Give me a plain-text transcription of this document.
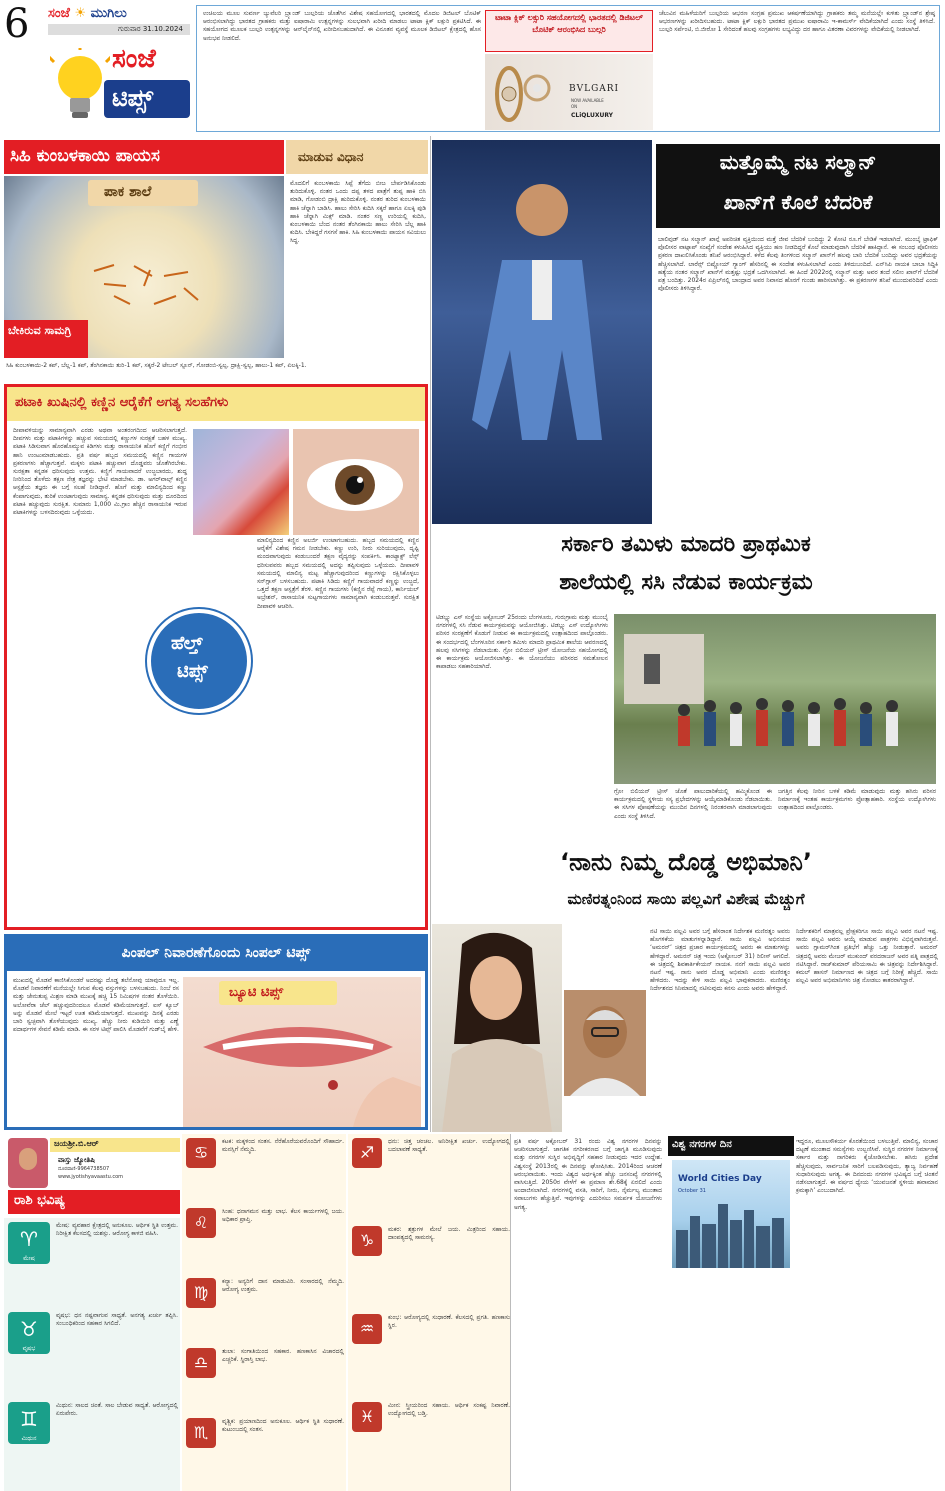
6 ಸಂಜೆ ☀ ಮುಗಿಲು
ಗುರುವಾರ 31.10.2024
ಸಂಜೆ
ಟಿಪ್ಸ್
ಉಚಿಲಯ ಮೂಲ ಸುವರ್ಣ ಜ್ಯುವೆಲರಿ ಬ್ರ್ಯಾಂಡ್ ಬುಲ್ಗರಿಯ ಜೊತೆಗಿನ ವಿಶೇಷ ಸಹಯೋಗದಲ್ಲಿ ಭಾರತದಲ್ಲಿ ಮೊದಲ ಡಿಜಿಟಲ್ ಬೊಟಿಕ್ ಆರಂಭಿಸಲಾಗಿದ್ದು ಭಾರತದ ಗ್ರಾಹಕರು ಮತ್ತು ಐಷಾರಾಮಿ ಉತ್ಪನ್ನಗಳನ್ನು ಸುಲಭವಾಗಿ ಖರೀದಿ ಮಾಡಲು ಟಾಟಾ ಕ್ಲಿಕ್ ಲಕ್ಸುರಿ ಪ್ರಕಟಿಸಿದೆ. ಈ ಸಹಯೋಗದ ಮೂಲಕ ಬುಲ್ಗರಿ ಉತ್ಪನ್ನಗಳನ್ನು ಆನ್‌ಲೈನ್‌ನಲ್ಲಿ ಖರೀದಿಸಬಹುದಾಗಿದೆ. ಈ ವಿನೂತನ ವ್ಯವಸ್ಥೆ ಮೂಲಕ ಡಿಜಿಟಲ್ ಕ್ಷೇತ್ರದಲ್ಲಿ ಹೊಸ ಅನುಭವ ನೀಡಲಿದೆ.
ಟಾಟಾ ಕ್ಲಿಕ್ ಲಕ್ಸುರಿ ಸಹಯೋಗದಲ್ಲಿ ಭಾರತದಲ್ಲಿ ಡಿಜಿಟಲ್ ಬೊಟಿಕ್ ಆರಂಭಿಸಿದ ಬುಲ್ಗರಿ
BVLGARI
NOW AVAILABLE
ON
CLiQLUXURY
ಚೆಲುವಿನ ಮಹಿಳೆಯರಿಗೆ ಬುಲ್ಗರಿಯ ಆಭರಣ ಸಂಗ್ರಹ ಪ್ರಮುಖ ಆಕರ್ಷಣೆಯಾಗಿದ್ದು ಗ್ರಾಹಕರು ತಮ್ಮ ಮನೆಯಲ್ಲೇ ಕುಳಿತು ಬ್ರ್ಯಾಂಡ್‌ನ ಶ್ರೇಷ್ಠ ಆಭರಣಗಳನ್ನು ಖರೀದಿಸಬಹುದು. ಟಾಟಾ ಕ್ಲಿಕ್ ಲಕ್ಸುರಿ ಭಾರತದ ಪ್ರಮುಖ ಐಷಾರಾಮಿ ಇ-ಕಾಮರ್ಸ್ ವೇದಿಕೆಯಾಗಿದೆ ಎಂದು ಸಂಸ್ಥೆ ತಿಳಿಸಿದೆ. ಬುಲ್ಗರಿ ಸರ್ಪೆಂಟಿ, ಬಿ.ಜೀರೋ 1 ಸೇರಿದಂತೆ ಹಲವು ಸಂಗ್ರಹಗಳು ಲಭ್ಯವಿದ್ದು ದರ ಹಾಗೂ ವಿತರಣಾ ವಿವರಗಳನ್ನು ವೇದಿಕೆಯಲ್ಲಿ ನೀಡಲಾಗಿದೆ.
ಸಿಹಿ ಕುಂಬಳಕಾಯಿ ಪಾಯಸ	ಮಾಡುವ ವಿಧಾನ
ಪಾಕ ಶಾಲೆ
ಬೇಕಿರುವ ಸಾಮಗ್ರಿ
ಮೊದಲಿಗೆ ಕುಂಬಳಕಾಯಿ ಸಿಪ್ಪೆ ತೆಗೆದು ಬೀಜ ಬೇರ್ಪಡಿಸಿಕೊಂಡು ತುರಿದುಕೊಳ್ಳಿ. ನಂತರ ಒಂದು ದಪ್ಪ ತಳದ ಪಾತ್ರೆಗೆ ತುಪ್ಪ ಹಾಕಿ ಬಿಸಿ ಮಾಡಿ, ಗೋಡಂಬಿ ದ್ರಾಕ್ಷಿ ಹುರಿದುಕೊಳ್ಳಿ. ನಂತರ ತುರಿದ ಕುಂಬಳಕಾಯಿ ಹಾಕಿ ಚೆನ್ನಾಗಿ ಬಾಡಿಸಿ. ಹಾಲು ಸೇರಿಸಿ ಕುದಿಸಿ ಸಕ್ಕರೆ ಹಾಗೂ ಏಲಕ್ಕಿ ಪುಡಿ ಹಾಕಿ ಚೆನ್ನಾಗಿ ಮಿಕ್ಸ್ ಮಾಡಿ. ನಂತರ ಸಣ್ಣ ಉರಿಯಲ್ಲಿ ಕುದಿಸಿ, ಕುಂಬಳಕಾಯಿ ಬೆಂದ ನಂತರ ತೆಂಗಿನಕಾಯಿ ಹಾಲು ಸೇರಿಸಿ ಬೆಲ್ಲ ಹಾಕಿ ಕುದಿಸಿ. ಬೇಕಿದ್ದರೆ ಗಸಗಸೆ ಹಾಕಿ. ಸಿಹಿ ಕುಂಬಳಕಾಯಿ ಪಾಯಸ ಸವಿಯಲು ಸಿದ್ಧ.
ಸಿಹಿ ಕುಂಬಳಕಾಯಿ-2 ಕಪ್, ಬೆಲ್ಲ-1 ಕಪ್, ತೆಂಗಿನಕಾಯಿ ತುರಿ-1 ಕಪ್, ಸಕ್ಕರೆ-2 ಟೇಬಲ್ ಸ್ಪೂನ್, ಗೋಡಂಬಿ-ಸ್ವಲ್ಪ, ದ್ರಾಕ್ಷಿ-ಸ್ವಲ್ಪ, ಹಾಲು-1 ಕಪ್, ಏಲಕ್ಕಿ-1.
ಪಟಾಕಿ ಖುಷಿನಲ್ಲಿ ಕಣ್ಣಿನ ಆರೈಕೆಗೆ ಅಗತ್ಯ ಸಲಹೆಗಳು
ದೀಪಾವಳಿಯನ್ನು ಸಾಮಾನ್ಯವಾಗಿ ಎರಡು ಅಥವಾ ಅಂತರಂಗದಿಂದ ಆಚರಿಸಲಾಗುತ್ತದೆ. ದೀಪಗಳು ಮತ್ತು ಪಟಾಕಿಗಳನ್ನು ಹಚ್ಚುವ ಸಮಯದಲ್ಲಿ ಕಣ್ಣುಗಳ ಸುರಕ್ಷತೆ ಬಹಳ ಮುಖ್ಯ. ಪಟಾಕಿ ಸಿಡಿಸುವಾಗ ಹೊರಹೊಮ್ಮುವ ಕಿಡಿಗಳು ಮತ್ತು ರಾಸಾಯನಿಕ ಹೊಗೆ ಕಣ್ಣಿಗೆ ಗಂಭೀರ ಹಾನಿ ಉಂಟುಮಾಡಬಹುದು. ಪ್ರತಿ ವರ್ಷ ಹಬ್ಬದ ಸಮಯದಲ್ಲಿ ಕಣ್ಣಿನ ಗಾಯಗಳ ಪ್ರಕರಣಗಳು ಹೆಚ್ಚಾಗುತ್ತವೆ. ಮಕ್ಕಳು ಪಟಾಕಿ ಹಚ್ಚುವಾಗ ದೊಡ್ಡವರು ಜೊತೆಗಿರಬೇಕು. ಸುರಕ್ಷತಾ ಕನ್ನಡಕ ಧರಿಸುವುದು ಉತ್ತಮ. ಕಣ್ಣಿಗೆ ಗಾಯವಾದರೆ ಉಜ್ಜಬಾರದು, ಶುದ್ಧ ನೀರಿನಿಂದ ತೊಳೆದು ತಕ್ಷಣ ನೇತ್ರ ತಜ್ಞರನ್ನು ಭೇಟಿ ಮಾಡಬೇಕು. ಡಾ. ಅಗರ್‌ವಾಲ್ಸ್ ಕಣ್ಣಿನ ಆಸ್ಪತ್ರೆಯ ತಜ್ಞರು ಈ ಬಗ್ಗೆ ಸಲಹೆ ನೀಡಿದ್ದಾರೆ. ಹೊಗೆ ಮತ್ತು ಮಾಲಿನ್ಯದಿಂದ ಕಣ್ಣು ಕೆಂಪಾಗುವುದು, ತುರಿಕೆ ಉಂಟಾಗುವುದು ಸಾಮಾನ್ಯ. ಕನ್ನಡಕ ಧರಿಸುವುದು ಮತ್ತು ದೂರದಿಂದ ಪಟಾಕಿ ಹಚ್ಚುವುದು ಸುರಕ್ಷಿತ. ಸುಮಾರು 1,000 ಮಿ.ಗ್ರಾಂ ಹೆಚ್ಚಿನ ರಾಸಾಯನಿಕ ಇರುವ ಪಟಾಕಿಗಳನ್ನು ಬಳಸದಿರುವುದು ಒಳ್ಳೆಯದು.
ಹೆಲ್ತ್
ಟಿಪ್ಸ್
ಮಾಲಿನ್ಯದಿಂದ ಕಣ್ಣಿನ ಅಲರ್ಜಿ ಉಂಟಾಗಬಹುದು. ಹಬ್ಬದ ಸಮಯದಲ್ಲಿ ಕಣ್ಣಿನ ಆರೈಕೆಗೆ ವಿಶೇಷ ಗಮನ ನೀಡಬೇಕು. ಕಣ್ಣು ಉರಿ, ನೀರು ಸುರಿಯುವುದು, ದೃಷ್ಟಿ ಮಂದವಾಗುವುದು ಕಂಡುಬಂದರೆ ತಕ್ಷಣ ವೈದ್ಯರನ್ನು ಸಂಪರ್ಕಿಸಿ. ಕಾಂಟ್ಯಾಕ್ಟ್ ಲೆನ್ಸ್ ಧರಿಸುವವರು ಹಬ್ಬದ ಸಮಯದಲ್ಲಿ ಅದನ್ನು ತಪ್ಪಿಸುವುದು ಒಳ್ಳೆಯದು. ದೀಪಾವಳಿ ಸಮಯದಲ್ಲಿ ಮಾಲಿನ್ಯ ಮಟ್ಟ ಹೆಚ್ಚಾಗುವುದರಿಂದ ಕಣ್ಣುಗಳನ್ನು ರಕ್ಷಿಸಿಕೊಳ್ಳಲು ಸನ್‌ಗ್ಲಾಸ್ ಬಳಸಬಹುದು. ಪಟಾಕಿ ಸಿಡಿದು ಕಣ್ಣಿಗೆ ಗಾಯವಾದರೆ ಕಣ್ಣನ್ನು ಉಜ್ಜದೆ, ಒತ್ತದೆ ತಕ್ಷಣ ಆಸ್ಪತ್ರೆಗೆ ತೆರಳಿ. ಕಣ್ಣಿನ ಗಾಯಗಳು (ಕಣ್ಣಿನ ರೆಪ್ಪೆ ಗಾಯ), ಕಾರ್ನಿಯಲ್ ಅಬ್ರೇಶನ್, ರಾಸಾಯನಿಕ ಸುಟ್ಟಗಾಯಗಳು ಸಾಮಾನ್ಯವಾಗಿ ಕಂಡುಬರುತ್ತವೆ. ಸುರಕ್ಷಿತ ದೀಪಾವಳಿ ಆಚರಿಸಿ.
ಮತ್ತೊಮ್ಮೆ ನಟ ಸಲ್ಮಾನ್
ಖಾನ್‌ಗೆ ಕೊಲೆ ಬೆದರಿಕೆ
ಬಾಲಿವುಡ್ ನಟ ಸಲ್ಮಾನ್ ಖಾನ್ಗೆ ಅಪರಿಚಿತ ವ್ಯಕ್ತಿಯಿಂದ ಮತ್ತೆ ಜೀವ ಬೆದರಿಕೆ ಬಂದಿದ್ದು 2 ಕೋಟಿ ರೂ.ಗೆ ಬೇಡಿಕೆ ಇಡಲಾಗಿದೆ. ಮುಂಬೈ ಟ್ರಾಫಿಕ್ ಪೊಲೀಸರ ವಾಟ್ಸಾಪ್ ಸಂಖ್ಯೆಗೆ ಸಂದೇಶ ಕಳುಹಿಸಿದ ವ್ಯಕ್ತಿಯು ಹಣ ನೀಡದಿದ್ದರೆ ಕೊಲೆ ಮಾಡುವುದಾಗಿ ಬೆದರಿಕೆ ಹಾಕಿದ್ದಾನೆ. ಈ ಸಂಬಂಧ ಪೊಲೀಸರು ಪ್ರಕರಣ ದಾಖಲಿಸಿಕೊಂಡು ತನಿಖೆ ಆರಂಭಿಸಿದ್ದಾರೆ. ಕಳೆದ ಕೆಲವು ತಿಂಗಳಿಂದ ಸಲ್ಮಾನ್ ಖಾನ್‌ಗೆ ಹಲವು ಬಾರಿ ಬೆದರಿಕೆ ಬಂದಿದ್ದು ಅವರ ಭದ್ರತೆಯನ್ನು ಹೆಚ್ಚಿಸಲಾಗಿದೆ. ಲಾರೆನ್ಸ್ ಬಿಷ್ಣೋಯ್ ಗ್ಯಾಂಗ್ ಹೆಸರಿನಲ್ಲಿ ಈ ಸಂದೇಶ ಕಳುಹಿಸಲಾಗಿದೆ ಎಂದು ತಿಳಿದುಬಂದಿದೆ. ಎನ್‌ಸಿಪಿ ನಾಯಕ ಬಾಬಾ ಸಿದ್ದಿಕಿ ಹತ್ಯೆಯ ನಂತರ ಸಲ್ಮಾನ್ ಖಾನ್‌ಗೆ ಮತ್ತಷ್ಟು ಭದ್ರತೆ ಒದಗಿಸಲಾಗಿದೆ. ಈ ಹಿಂದೆ 2022ರಲ್ಲಿ ಸಲ್ಮಾನ್ ಮತ್ತು ಅವರ ತಂದೆ ಸಲೀಂ ಖಾನ್‌ಗೆ ಬೆದರಿಕೆ ಪತ್ರ ಬಂದಿತ್ತು. 2024ರ ಏಪ್ರಿಲ್‌ನಲ್ಲಿ ಬಾಂದ್ರಾದ ಅವರ ನಿವಾಸದ ಹೊರಗೆ ಗುಂಡು ಹಾರಿಸಲಾಗಿತ್ತು. ಈ ಪ್ರಕರಣಗಳ ತನಿಖೆ ಮುಂದುವರಿದಿದೆ ಎಂದು ಪೊಲೀಸರು ತಿಳಿಸಿದ್ದಾರೆ.
ಸರ್ಕಾರಿ ತಮಿಳು ಮಾದರಿ ಪ್ರಾಥಮಿಕ
ಶಾಲೆಯಲ್ಲಿ ಸಸಿ ನೆಡುವ ಕಾರ್ಯಕ್ರಮ
ಟಿಡಬ್ಲ್ಯು ಎಸ್ ಸಂಸ್ಥೆಯ ಅಕ್ಟೋಬರ್ 25ರಂದು ಬೆಂಗಳೂರು, ಗುರುಗ್ರಾಮ ಮತ್ತು ಮುಂಬೈ ನಗರಗಳಲ್ಲಿ ಸಸಿ ನೆಡುವ ಕಾರ್ಯಕ್ರಮವನ್ನು ಆಯೋಜಿಸಿತ್ತು. ಟಿಡಬ್ಲ್ಯು ಎಸ್ ಉದ್ಯೋಗಿಗಳು ಪರಿಸರ ಸಂರಕ್ಷಣೆಗೆ ಕೊಡುಗೆ ನೀಡುವ ಈ ಕಾರ್ಯಕ್ರಮದಲ್ಲಿ ಉತ್ಸಾಹದಿಂದ ಪಾಲ್ಗೊಂಡರು. ಈ ಸಂದರ್ಭದಲ್ಲಿ ಬೆಂಗಳೂರಿನ ಸರ್ಕಾರಿ ತಮಿಳು ಮಾದರಿ ಪ್ರಾಥಮಿಕ ಶಾಲೆಯ ಆವರಣದಲ್ಲಿ ಹಲವು ಸಸಿಗಳನ್ನು ನೆಡಲಾಯಿತು. ಗ್ರೋ ಬಿಲಿಯನ್ ಟ್ರೀಸ್ ಯೋಜನೆಯ ಸಹಯೋಗದಲ್ಲಿ ಈ ಕಾರ್ಯಕ್ರಮ ಆಯೋಜಿಸಲಾಗಿತ್ತು. ಈ ಯೋಜನೆಯು ಪರಿಸರದ ಸಮತೋಲನ ಕಾಪಾಡಲು ಸಹಕಾರಿಯಾಗಿದೆ.
ಗ್ರೋ ಬಿಲಿಯನ್ ಟ್ರೀಸ್ ಜೊತೆ ಪಾಲುದಾರಿಕೆಯಲ್ಲಿ ಹಮ್ಮಿಕೊಂಡ ಈ ಕಾರ್ಯಕ್ರಮದಲ್ಲಿ ಸ್ಥಳೀಯ ಸಸ್ಯ ಪ್ರಭೇದಗಳನ್ನು ಆಯ್ಕೆಮಾಡಿಕೊಂಡು ನೆಡಲಾಯಿತು. ಈ ಸಸಿಗಳ ಪೋಷಣೆಯನ್ನು ಮುಂದಿನ ದಿನಗಳಲ್ಲಿ ನಿರಂತರವಾಗಿ ಮಾಡಲಾಗುವುದು ಎಂದು ಸಂಸ್ಥೆ ತಿಳಿಸಿದೆ.
ಜಗತ್ತಿನ ಕೆಲವು ನೀರಿನ ಬಳಕೆ ಕಡಿಮೆ ಮಾಡುವುದು ಮತ್ತು ಹಸಿರು ಪರಿಸರ ನಿರ್ಮಾಣಕ್ಕೆ ಇಂತಹ ಕಾರ್ಯಕ್ರಮಗಳು ಪ್ರೋತ್ಸಾಹಕಾರಿ. ಸಂಸ್ಥೆಯ ಉದ್ಯೋಗಿಗಳು ಉತ್ಸಾಹದಿಂದ ಪಾಲ್ಗೊಂಡರು.
‘ನಾನು ನಿಮ್ಮ ದೊಡ್ಡ ಅಭಿಮಾನಿ’
ಮಣಿರತ್ನಂನಿಂದ ಸಾಯಿ ಪಲ್ಲವಿಗೆ ವಿಶೇಷ ಮೆಚ್ಚುಗೆ
ನಟಿ ಸಾಯಿ ಪಲ್ಲವಿ ಅವರ ಬಗ್ಗೆ ಹೆಸರಾಂತ ನಿರ್ದೇಶಕ ಮಣಿರತ್ನಂ ಅವರು ಹೊಗಳಿಕೆಯ ಮಾತುಗಳನ್ನಾಡಿದ್ದಾರೆ. ಸಾಯಿ ಪಲ್ಲವಿ ಅಭಿನಯದ ‘ಅಮರನ್’ ಚಿತ್ರದ ಪ್ರಚಾರ ಕಾರ್ಯಕ್ರಮದಲ್ಲಿ ಅವರು ಈ ಮಾತುಗಳನ್ನು ಹೇಳಿದ್ದಾರೆ. ಅಮರನ್ ಚಿತ್ರ ಇಂದು (ಅಕ್ಟೋಬರ್ 31) ರಿಲೀಸ್ ಆಗಲಿದೆ. ಈ ಚಿತ್ರದಲ್ಲಿ ಶಿವಕಾರ್ತಿಕೇಯನ್ ನಾಯಕ. ನನಗೆ ಸಾಯಿ ಪಲ್ಲವಿ ಅವರ ನಟನೆ ಇಷ್ಟ. ನಾನು ಅವರ ದೊಡ್ಡ ಅಭಿಮಾನಿ ಎಂದು ಮಣಿರತ್ನಂ ಹೇಳಿದರು. ಇದನ್ನು ಕೇಳಿ ಸಾಯಿ ಪಲ್ಲವಿ ಭಾವುಕರಾದರು. ಮಣಿರತ್ನಂ ನಿರ್ದೇಶನದ ಸಿನಿಮಾದಲ್ಲಿ ನಟಿಸುವುದು ಕನಸು ಎಂದು ಅವರು ಹೇಳಿದ್ದಾರೆ.
ನಿರ್ದೇಶಕರಿಗೆ ಮಾತ್ರವಲ್ಲ ಪ್ರೇಕ್ಷಕರಿಗೂ ಸಾಯಿ ಪಲ್ಲವಿ ಅವರ ನಟನೆ ಇಷ್ಟ. ಸಾಯಿ ಪಲ್ಲವಿ ಅವರು ಆಯ್ಕೆ ಮಾಡುವ ಪಾತ್ರಗಳು ವಿಭಿನ್ನವಾಗಿರುತ್ತವೆ. ಅವರು ಗ್ಲಾಮರ್‌ಗಿಂತ ಪ್ರತಿಭೆಗೆ ಹೆಚ್ಚು ಒತ್ತು ನೀಡುತ್ತಾರೆ. ಅಮರನ್ ಚಿತ್ರದಲ್ಲಿ ಅವರು ಮೇಜರ್ ಮುಕುಂದ್ ವರದರಾಜನ್ ಅವರ ಪತ್ನಿ ಪಾತ್ರದಲ್ಲಿ ನಟಿಸಿದ್ದಾರೆ. ರಾಜ್‌ಕುಮಾರ್ ಪೆರಿಯಸಾಮಿ ಈ ಚಿತ್ರವನ್ನು ನಿರ್ದೇಶಿಸಿದ್ದಾರೆ. ಕಮಲ್ ಹಾಸನ್ ನಿರ್ಮಾಣದ ಈ ಚಿತ್ರದ ಬಗ್ಗೆ ನಿರೀಕ್ಷೆ ಹೆಚ್ಚಿದೆ. ಸಾಯಿ ಪಲ್ಲವಿ ಅವರ ಅಭಿಮಾನಿಗಳು ಚಿತ್ರ ನೋಡಲು ಕಾತರರಾಗಿದ್ದಾರೆ.
ಪಿಂಪಲ್ ನಿವಾರಣೆಗೊಂದು ಸಿಂಪಲ್ ಟಿಪ್ಸ್
ಮುಖದಲ್ಲಿ ಮೊಡವೆ ಕಾಣಿಸಿಕೊಂಡರೆ ಅದರಷ್ಟು ದೊಡ್ಡ ತಲೆನೋವು ಯಾವುದೂ ಇಲ್ಲ. ಮೊಡವೆ ನಿವಾರಣೆಗೆ ಮನೆಯಲ್ಲೇ ಸಿಗುವ ಕೆಲವು ವಸ್ತುಗಳನ್ನು ಬಳಸಬಹುದು. ನಿಂಬೆ ರಸ ಮತ್ತು ಜೇನುತುಪ್ಪ ಮಿಶ್ರಣ ಮಾಡಿ ಮುಖಕ್ಕೆ ಹಚ್ಚಿ 15 ನಿಮಿಷಗಳ ನಂತರ ತೊಳೆಯಿರಿ. ಅಲೋವೆರಾ ಜೆಲ್ ಹಚ್ಚುವುದರಿಂದಲೂ ಮೊಡವೆ ಕಡಿಮೆಯಾಗುತ್ತದೆ. ಐಸ್ ಕ್ಯೂಬ್ ಅನ್ನು ಮೊಡವೆ ಮೇಲೆ ಇಟ್ಟರೆ ಊತ ಕಡಿಮೆಯಾಗುತ್ತದೆ. ಮುಖವನ್ನು ದಿನಕ್ಕೆ ಎರಡು ಬಾರಿ ಸ್ವಚ್ಛವಾಗಿ ತೊಳೆಯುವುದು ಮುಖ್ಯ. ಹೆಚ್ಚು ನೀರು ಕುಡಿಯಿರಿ ಮತ್ತು ಎಣ್ಣೆ ಪದಾರ್ಥಗಳ ಸೇವನೆ ಕಡಿಮೆ ಮಾಡಿ. ಈ ಸರಳ ಟಿಪ್ಸ್ ಪಾಲಿಸಿ ಮೊಡವೆಗೆ ಗುಡ್‌ಬೈ ಹೇಳಿ.
ಬ್ಯೂಟಿ ಟಿಪ್ಸ್
ಜಯಶ್ರೀ.ಬಿ.ಆರ್
ವಾಸ್ತು ಜ್ಯೋತಿಷಿ
ದೂರವಾಣಿ-9964738507
www.jyotishyavaastu.com
ರಾಶಿ ಭವಿಷ್ಯ
♈
ಮೇಷ
ಮೇಷ: ವ್ಯವಹಾರ ಕ್ಷೇತ್ರದಲ್ಲಿ ಅನುಕೂಲ. ಆರ್ಥಿಕ ಸ್ಥಿತಿ ಉತ್ತಮ. ನಿರೀಕ್ಷಿತ ಕೆಲಸದಲ್ಲಿ ಯಶಸ್ಸು. ಆರೋಗ್ಯ ಕಾಳಜಿ ವಹಿಸಿ.
♉
ವೃಷಭ
ವೃಷಭ: ಧನ ನಷ್ಟವಾಗುವ ಸಾಧ್ಯತೆ. ಅನಗತ್ಯ ಖರ್ಚು ತಪ್ಪಿಸಿ. ಸಂಬಂಧಿಕರಿಂದ ಸಹಕಾರ ಸಿಗಲಿದೆ.
♊
ಮಿಥುನ
ಮಿಥುನ: ಸಾಲದ ಚಿಂತೆ. ಸಾಲ ಬೇಡುವ ಸಾಧ್ಯತೆ. ಆರೋಗ್ಯದಲ್ಲಿ ಏರುಪೇರು.
♋
ಕಟಕ: ಮಕ್ಕಳಿಂದ ಸಂತಸ. ನೆರೆಹೊರೆಯವರೊಂದಿಗೆ ಸೌಹಾರ್ದ. ಮನಸ್ಸಿಗೆ ನೆಮ್ಮದಿ.
♌
ಸಿಂಹ: ಧನಾಗಮನ ಮತ್ತು ಲಾಭ. ಕೆಲಸ ಕಾರ್ಯಗಳಲ್ಲಿ ಜಯ. ಅಧಿಕಾರ ಪ್ರಾಪ್ತಿ.
♍
ಕನ್ಯಾ: ಅನ್ಯರಿಗೆ ದಾನ ಮಾಡುವಿರಿ. ಸಂಸಾರದಲ್ಲಿ ನೆಮ್ಮದಿ. ಆರೋಗ್ಯ ಉತ್ತಮ.
♎
ತುಲಾ: ಸಂಗಾತಿಯಿಂದ ಸಹಕಾರ. ಹಣಕಾಸಿನ ವಿಚಾರದಲ್ಲಿ ಎಚ್ಚರಿಕೆ. ಸ್ಥಿರಾಸ್ತಿ ಲಾಭ.
♏
ವೃಶ್ಚಿಕ: ಪ್ರಯಾಣದಿಂದ ಅನುಕೂಲ. ಆರ್ಥಿಕ ಸ್ಥಿತಿ ಸುಧಾರಣೆ. ಕುಟುಂಬದಲ್ಲಿ ಸಂತಸ.
♐
ಧನು: ಚಿತ್ತ ಚಂಚಲ. ಅನಿರೀಕ್ಷಿತ ಖರ್ಚು. ಉದ್ಯೋಗದಲ್ಲಿ ಬದಲಾವಣೆ ಸಾಧ್ಯತೆ.
♑
ಮಕರ: ಶತ್ರುಗಳ ಮೇಲೆ ಜಯ. ಮಿತ್ರರಿಂದ ಸಹಾಯ. ದಾಂಪತ್ಯದಲ್ಲಿ ಸಾಮರಸ್ಯ.
♒
ಕುಂಭ: ಆರೋಗ್ಯದಲ್ಲಿ ಸುಧಾರಣೆ. ಕೆಲಸದಲ್ಲಿ ಪ್ರಗತಿ. ಹಣಕಾಸು ಸ್ಥಿರ.
♓
ಮೀನ: ಸ್ತ್ರೀಯರಿಂದ ಸಹಾಯ. ಆರ್ಥಿಕ ಸಂಕಷ್ಟ ನಿವಾರಣೆ. ಉದ್ಯೋಗದಲ್ಲಿ ಬಡ್ತಿ.
ಪ್ರತಿ ವರ್ಷ ಅಕ್ಟೋಬರ್ 31 ರಂದು ವಿಶ್ವ ನಗರಗಳ ದಿನವನ್ನು ಆಚರಿಸಲಾಗುತ್ತದೆ. ಜಾಗತಿಕ ನಗರೀಕರಣದ ಬಗ್ಗೆ ಜಾಗೃತಿ ಮೂಡಿಸುವುದು ಮತ್ತು ನಗರಗಳ ಸುಸ್ಥಿರ ಅಭಿವೃದ್ಧಿಗೆ ಸಹಕಾರ ನೀಡುವುದು ಇದರ ಉದ್ದೇಶ. ವಿಶ್ವಸಂಸ್ಥೆ 2013ರಲ್ಲಿ ಈ ದಿನವನ್ನು ಘೋಷಿಸಿತು. 2014ರಿಂದ ಆಚರಣೆ ಆರಂಭವಾಯಿತು. ಇಂದು ವಿಶ್ವದ ಅರ್ಧಕ್ಕಿಂತ ಹೆಚ್ಚು ಜನಸಂಖ್ಯೆ ನಗರಗಳಲ್ಲಿ ವಾಸಿಸುತ್ತಿದೆ. 2050ರ ವೇಳೆಗೆ ಈ ಪ್ರಮಾಣ ಶೇ.68ಕ್ಕೆ ಏರಲಿದೆ ಎಂದು ಅಂದಾಜಿಸಲಾಗಿದೆ. ನಗರಗಳಲ್ಲಿ ವಸತಿ, ಸಾರಿಗೆ, ನೀರು, ನೈರ್ಮಲ್ಯ ಮುಂತಾದ ಸವಾಲುಗಳು ಹೆಚ್ಚುತ್ತಿವೆ. ಇವುಗಳನ್ನು ಎದುರಿಸಲು ಸಮರ್ಪಕ ಯೋಜನೆಗಳು ಅಗತ್ಯ.
ವಿಶ್ವ ನಗರಗಳ ದಿನ
World Cities Day
October 31
ಇದ್ದರೂ, ಮೂಲಸೌಕರ್ಯ ಕೊರತೆಯಿಂದ ಬಳಲುತ್ತಿವೆ. ಮಾಲಿನ್ಯ, ಸಂಚಾರ ದಟ್ಟಣೆ ಮುಂತಾದ ಸಮಸ್ಯೆಗಳು ಉಲ್ಬಣಿಸಿವೆ. ಸುಸ್ಥಿರ ನಗರಗಳ ನಿರ್ಮಾಣಕ್ಕೆ ಸರ್ಕಾರ ಮತ್ತು ನಾಗರಿಕರು ಕೈಜೋಡಿಸಬೇಕು. ಹಸಿರು ಪ್ರದೇಶ ಹೆಚ್ಚಿಸುವುದು, ಸಾರ್ವಜನಿಕ ಸಾರಿಗೆ ಬಲಪಡಿಸುವುದು, ತ್ಯಾಜ್ಯ ನಿರ್ವಹಣೆ ಸುಧಾರಿಸುವುದು ಅಗತ್ಯ. ಈ ದಿನದಂದು ನಗರಗಳ ಭವಿಷ್ಯದ ಬಗ್ಗೆ ಚಿಂತನೆ ನಡೆಸಲಾಗುತ್ತದೆ. ಈ ವರ್ಷದ ಧ್ಯೇಯ ‘ಯುವಜನತೆ ಸ್ಥಳೀಯ ಹವಾಮಾನ ಕ್ರಮಕ್ಕಾಗಿ’ ಎಂಬುದಾಗಿದೆ.
